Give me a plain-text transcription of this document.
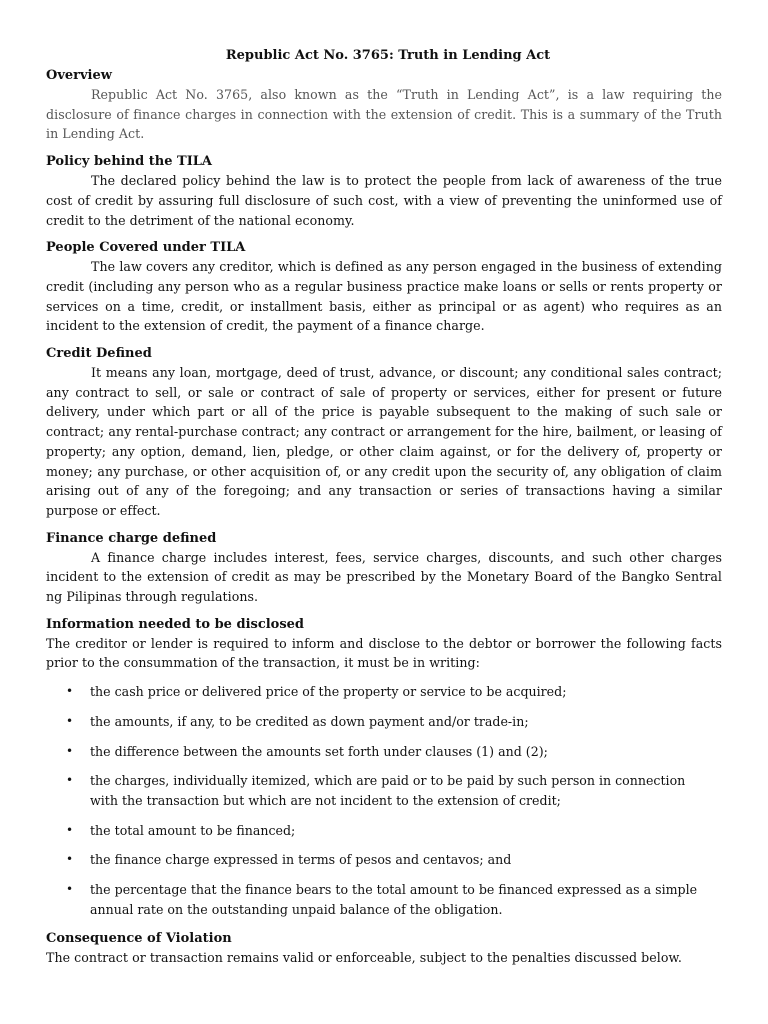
Republic Act No. 3765: Truth in Lending Act

Overview

Republic Act No. 3765, also known as the “Truth in Lending Act”, is a law requiring the disclosure of finance charges in connection with the extension of credit. This is a summary of the Truth in Lending Act.

Policy behind the TILA

The declared policy behind the law is to protect the people from lack of awareness of the true cost of credit by assuring full disclosure of such cost, with a view of preventing the uninformed use of credit to the detriment of the national economy.

People Covered under TILA

The law covers any creditor, which is defined as any person engaged in the business of extending credit (including any person who as a regular business practice make loans or sells or rents property or services on a time, credit, or installment basis, either as principal or as agent) who requires as an incident to the extension of credit, the payment of a finance charge.

Credit Defined

It means any loan, mortgage, deed of trust, advance, or discount; any conditional sales contract; any contract to sell, or sale or contract of sale of property or services, either for present or future delivery, under which part or all of the price is payable subsequent to the making of such sale or contract; any rental-purchase contract; any contract or arrangement for the hire, bailment, or leasing of property; any option, demand, lien, pledge, or other claim against, or for the delivery of, property or money; any purchase, or other acquisition of, or any credit upon the security of, any obligation of claim arising out of any of the foregoing; and any transaction or series of transactions having a similar purpose or effect.

Finance charge defined

A finance charge includes interest, fees, service charges, discounts, and such other charges incident to the extension of credit as may be prescribed by the Monetary Board of the Bangko Sentral ng Pilipinas through regulations.

Information needed to be disclosed

The creditor or lender is required to inform and disclose to the debtor or borrower the following facts prior to the consummation of the transaction, it must be in writing:

•	the cash price or delivered price of the property or service to be acquired;
•	the amounts, if any, to be credited as down payment and/or trade-in;
•	the difference between the amounts set forth under clauses (1) and (2);
•	the charges, individually itemized, which are paid or to be paid by such person in connection with the transaction but which are not incident to the extension of credit;
•	the total amount to be financed;
•	the finance charge expressed in terms of pesos and centavos; and
•	the percentage that the finance bears to the total amount to be financed expressed as a simple annual rate on the outstanding unpaid balance of the obligation.

Consequence of Violation

The contract or transaction remains valid or enforceable, subject to the penalties discussed below.
